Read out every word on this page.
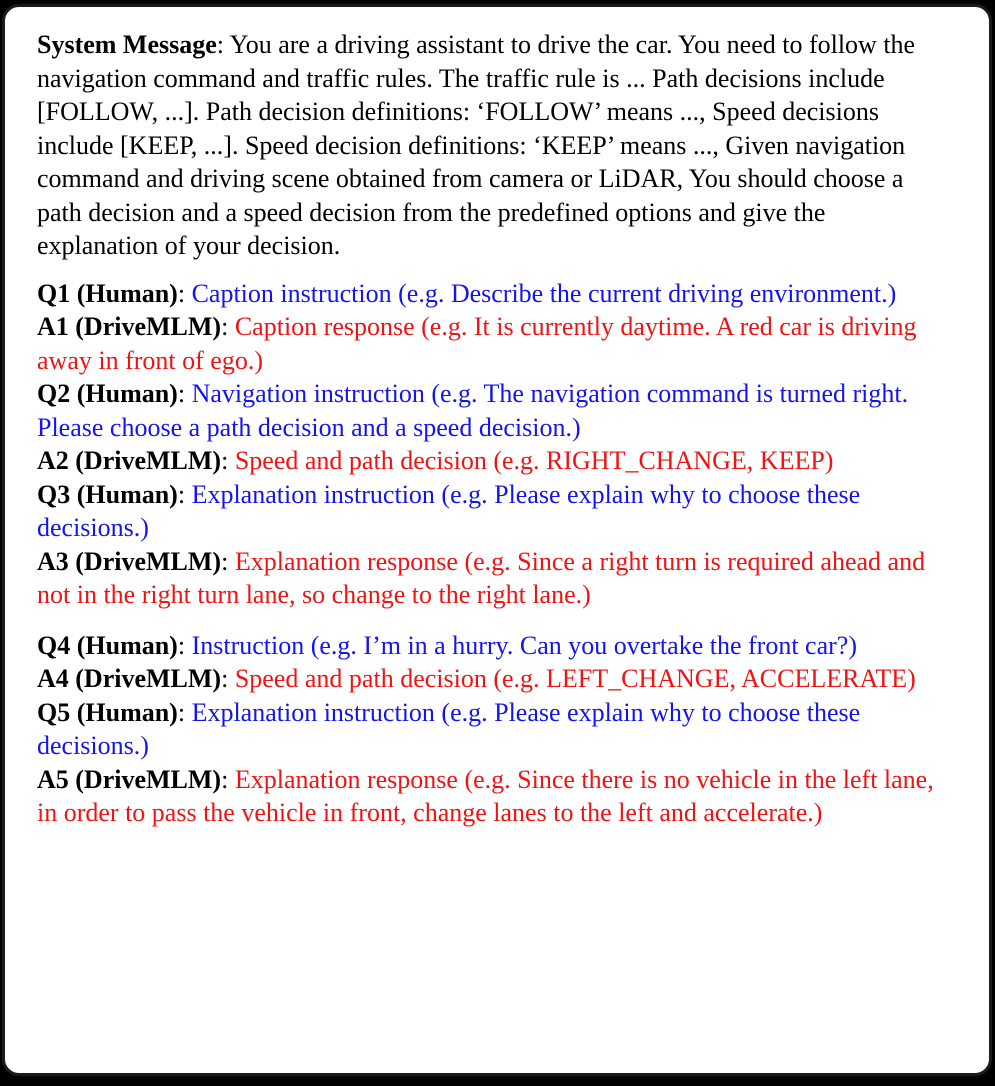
System Message: You are a driving assistant to drive the car. You need to follow the navigation command and traffic rules. The traffic rule is ... Path decisions include [FOLLOW, ...]. Path decision definitions: ‘FOLLOW’ means ..., Speed decisions include [KEEP, ...]. Speed decision definitions: ‘KEEP’ means ..., Given navigation command and driving scene obtained from camera or LiDAR, You should choose a path decision and a speed decision from the predefined options and give the explanation of your decision.

Q1 (Human): Caption instruction (e.g. Describe the current driving environment.)
A1 (DriveMLM): Caption response (e.g. It is currently daytime. A red car is driving away in front of ego.)
Q2 (Human): Navigation instruction (e.g. The navigation command is turned right. Please choose a path decision and a speed decision.)
A2 (DriveMLM): Speed and path decision (e.g. RIGHT_CHANGE, KEEP)
Q3 (Human): Explanation instruction (e.g. Please explain why to choose these decisions.)
A3 (DriveMLM): Explanation response (e.g. Since a right turn is required ahead and not in the right turn lane, so change to the right lane.)
Q4 (Human): Instruction (e.g. I’m in a hurry. Can you overtake the front car?)
A4 (DriveMLM): Speed and path decision (e.g. LEFT_CHANGE, ACCELERATE)
Q5 (Human): Explanation instruction (e.g. Please explain why to choose these decisions.)
A5 (DriveMLM): Explanation response (e.g. Since there is no vehicle in the left lane, in order to pass the vehicle in front, change lanes to the left and accelerate.)
